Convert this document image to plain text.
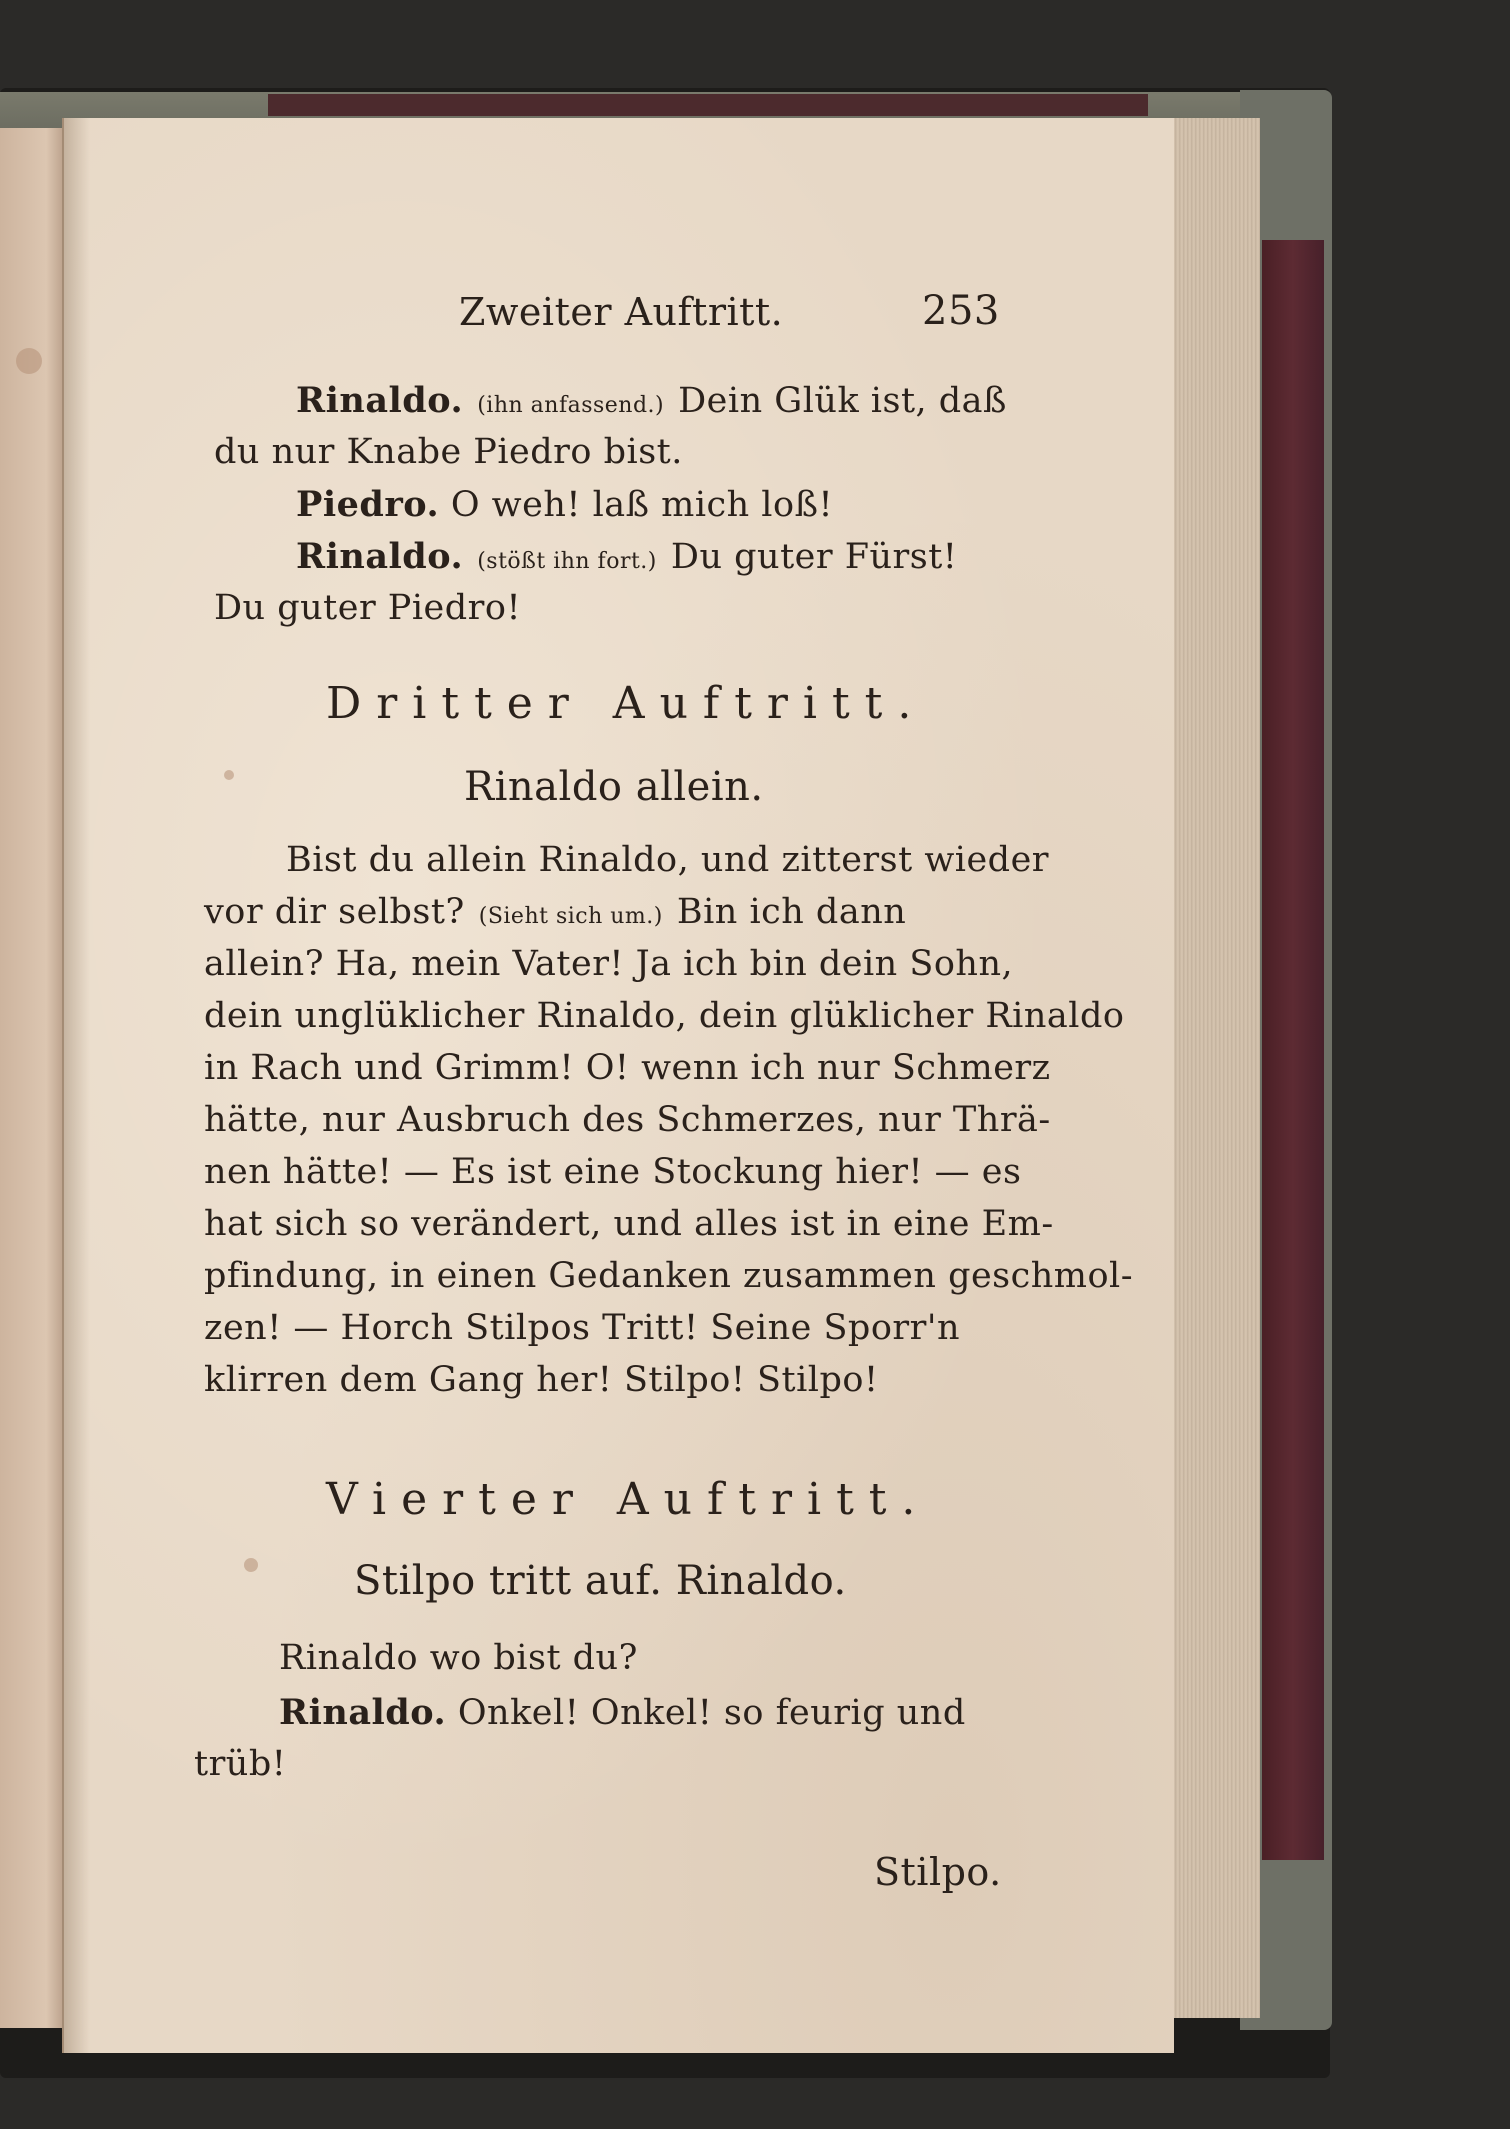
Zweiter Auftritt.	253
Rinaldo. (ihn anfassend.) Dein Glük ist, daß
du nur Knabe Piedro bist.
Piedro. O weh! laß mich loß!
Rinaldo. (stößt ihn fort.) Du guter Fürst!
Du guter Piedro!
Dritter Auftritt.
Rinaldo allein.
Bist du allein Rinaldo, und zitterst wieder
vor dir selbst? (Sieht sich um.) Bin ich dann
allein? Ha, mein Vater! Ja ich bin dein Sohn,
dein unglüklicher Rinaldo, dein glüklicher Rinaldo
in Rach und Grimm! O! wenn ich nur Schmerz
hätte, nur Ausbruch des Schmerzes, nur Thrä-
nen hätte! — Es ist eine Stockung hier! — es
hat sich so verändert, und alles ist in eine Em-
pfindung, in einen Gedanken zusammen geschmol-
zen! — Horch Stilpos Tritt! Seine Sporr'n
klirren dem Gang her! Stilpo! Stilpo!
Vierter Auftritt.
Stilpo tritt auf. Rinaldo.
Rinaldo wo bist du?
Rinaldo. Onkel! Onkel! so feurig und
trüb!
Stilpo.
